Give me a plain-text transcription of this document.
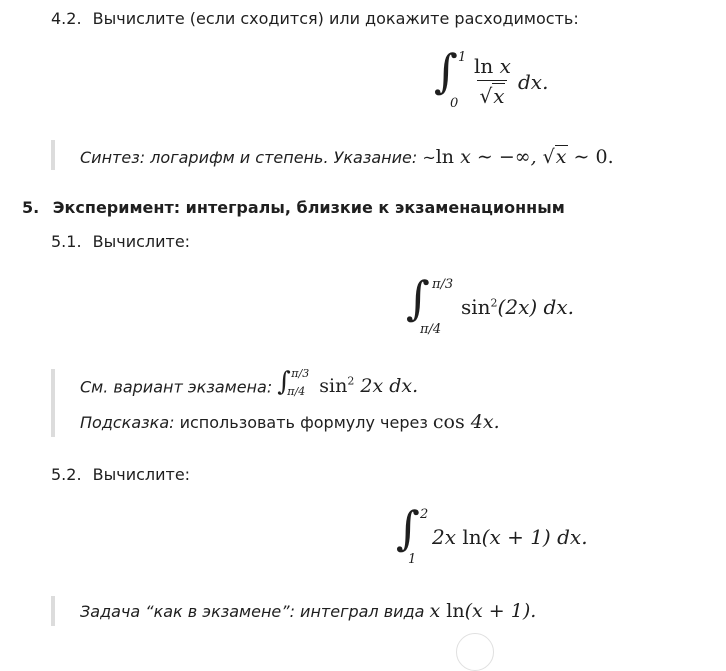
4.2. Вычислите (если сходится) или докажите расходимость:
∫ 1
$0 \frac{\text{ln x}}{√ x}$ dx.
Синтез: логарифм и степень. Указание: ~ln x ∼ −∞, √ x ∼ 0.
5. Эксперимент: интегралы, близкие к экзаменационным
5.1. Вычислите:
∫ π/3
π/4
$\sin^2(2x)$ dx.
См. вариант экзамена: ∫ π/3
π/4 $\sin^2 2x$ dx.
Подсказка: использовать формулу через cos 4x.
5.2. Вычислите:
∫ 2
1
2x ln(x + 1) dx.
Задача “как в экзамене”: интеграл вида x ln(x + 1).
